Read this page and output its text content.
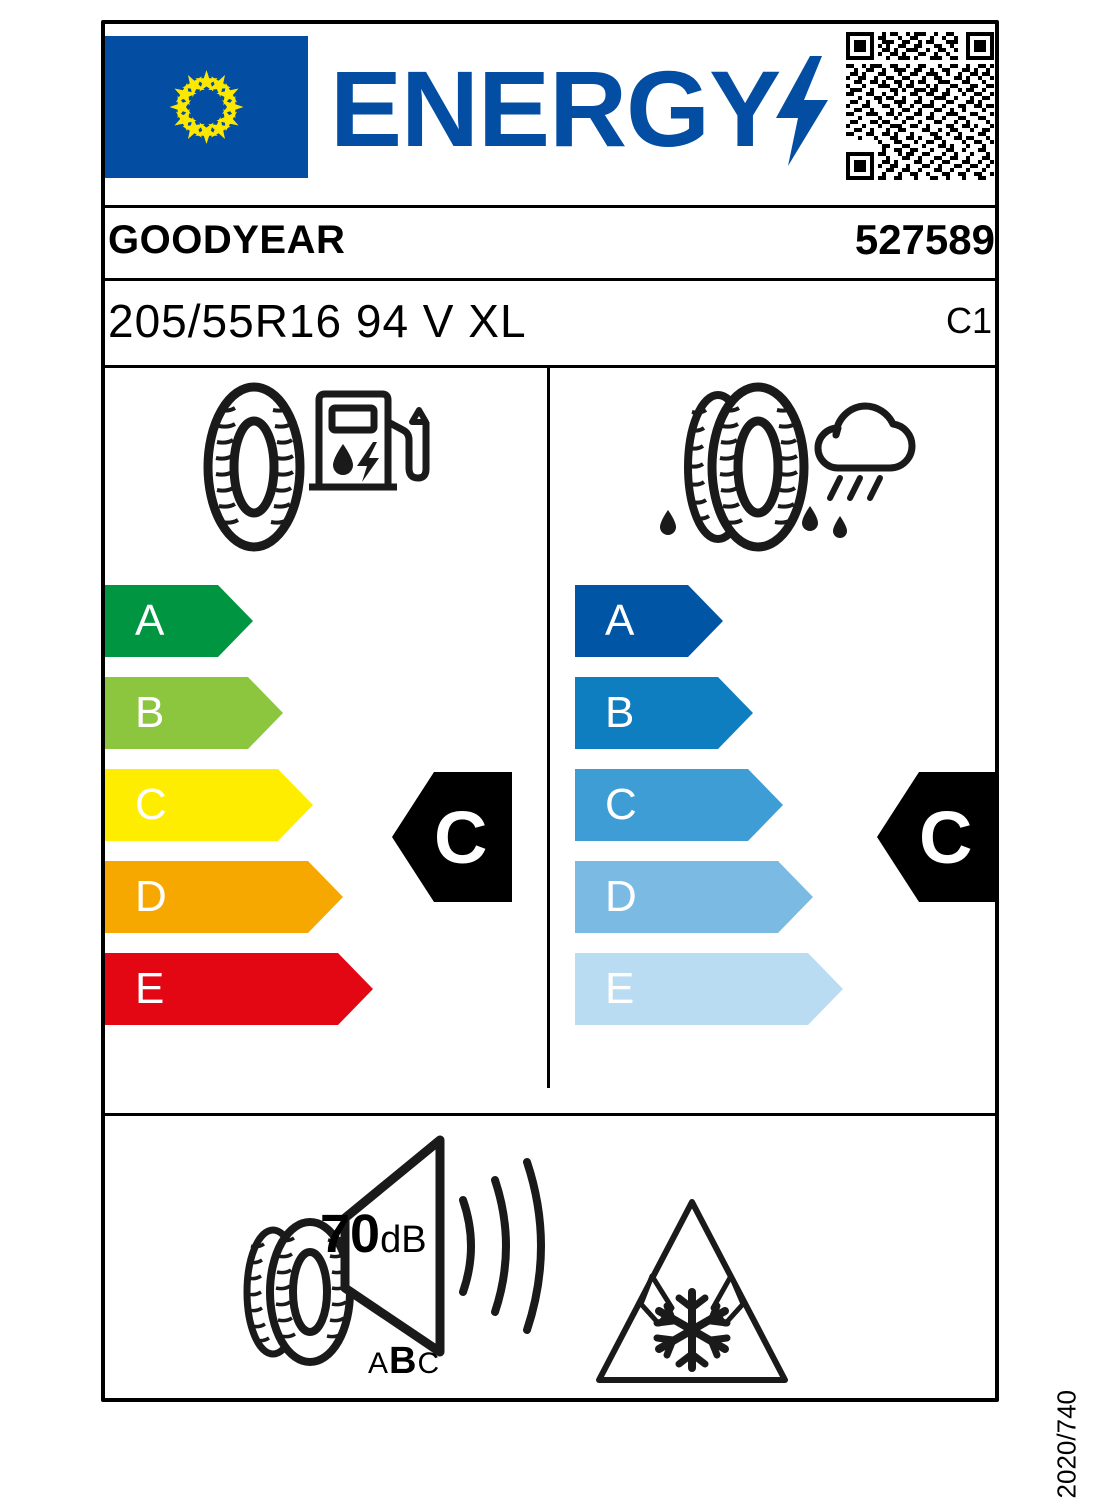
ENERGY
GOODYEAR	527589
205/55R16 94 V XL	C1
A
B
C
D
E
C
A
B
C
D
E
C
70dB
ABC
2020/740
